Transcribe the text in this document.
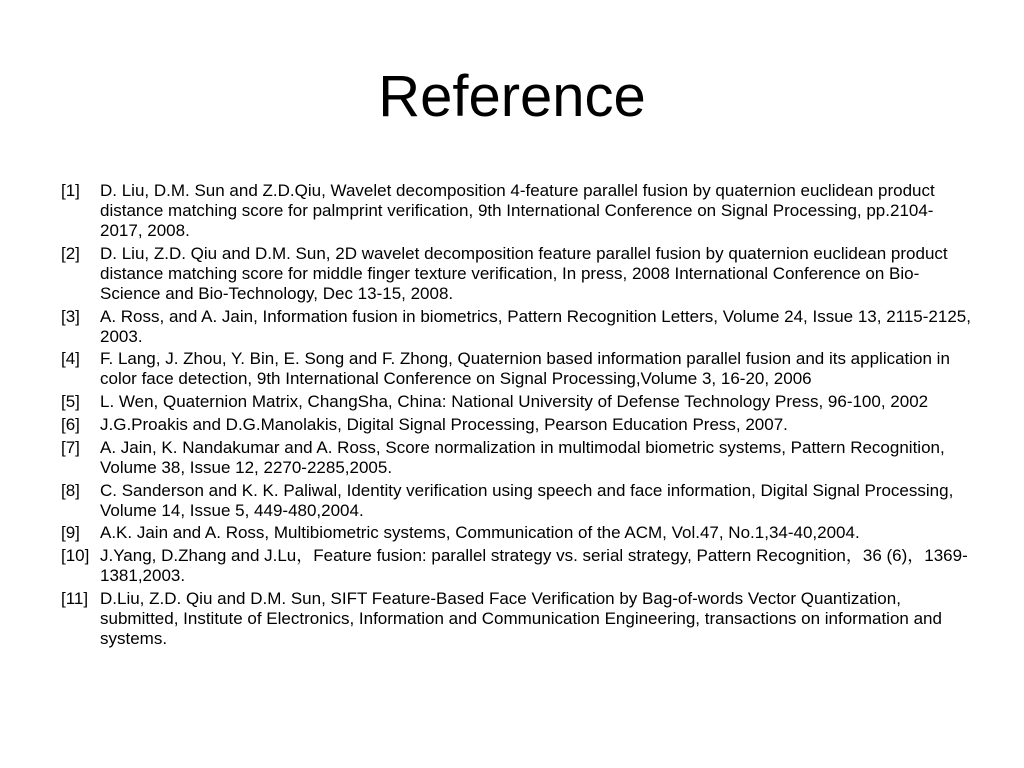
Reference
[1] D. Liu, D.M. Sun and Z.D.Qiu, Wavelet decomposition 4-feature parallel fusion by quaternion euclidean product distance matching score for palmprint verification, 9th International Conference on Signal Processing, pp.2104-2017, 2008.
[2] D. Liu, Z.D. Qiu and D.M. Sun, 2D wavelet decomposition feature parallel fusion by quaternion euclidean product distance matching score for middle finger texture verification, In press, 2008 International Conference on Bio-Science and Bio-Technology, Dec 13-15, 2008.
[3] A. Ross, and A. Jain, Information fusion in biometrics, Pattern Recognition Letters, Volume 24, Issue 13, 2115-2125, 2003.
[4] F. Lang, J. Zhou, Y. Bin, E. Song and F. Zhong, Quaternion based information parallel fusion and its application in color face detection, 9th International Conference on Signal Processing,Volume 3, 16-20, 2006
[5] L. Wen, Quaternion Matrix, ChangSha, China: National University of Defense Technology Press, 96-100, 2002
[6] J.G.Proakis and D.G.Manolakis, Digital Signal Processing, Pearson Education Press, 2007.
[7] A. Jain, K. Nandakumar and A. Ross, Score normalization in multimodal biometric systems, Pattern Recognition, Volume 38, Issue 12, 2270-2285,2005.
[8] C. Sanderson and K. K. Paliwal, Identity verification using speech and face information, Digital Signal Processing, Volume 14, Issue 5, 449-480,2004.
[9] A.K. Jain and A. Ross, Multibiometric systems, Communication of the ACM, Vol.47, No.1,34-40,2004.
[10] J.Yang, D.Zhang and J.Lu，Feature fusion: parallel strategy vs. serial strategy, Pattern Recognition，36 (6)，1369-1381,2003.
[11] D.Liu, Z.D. Qiu and D.M. Sun, SIFT Feature-Based Face Verification by Bag-of-words Vector Quantization, submitted, Institute of Electronics, Information and Communication Engineering, transactions on information and systems.
